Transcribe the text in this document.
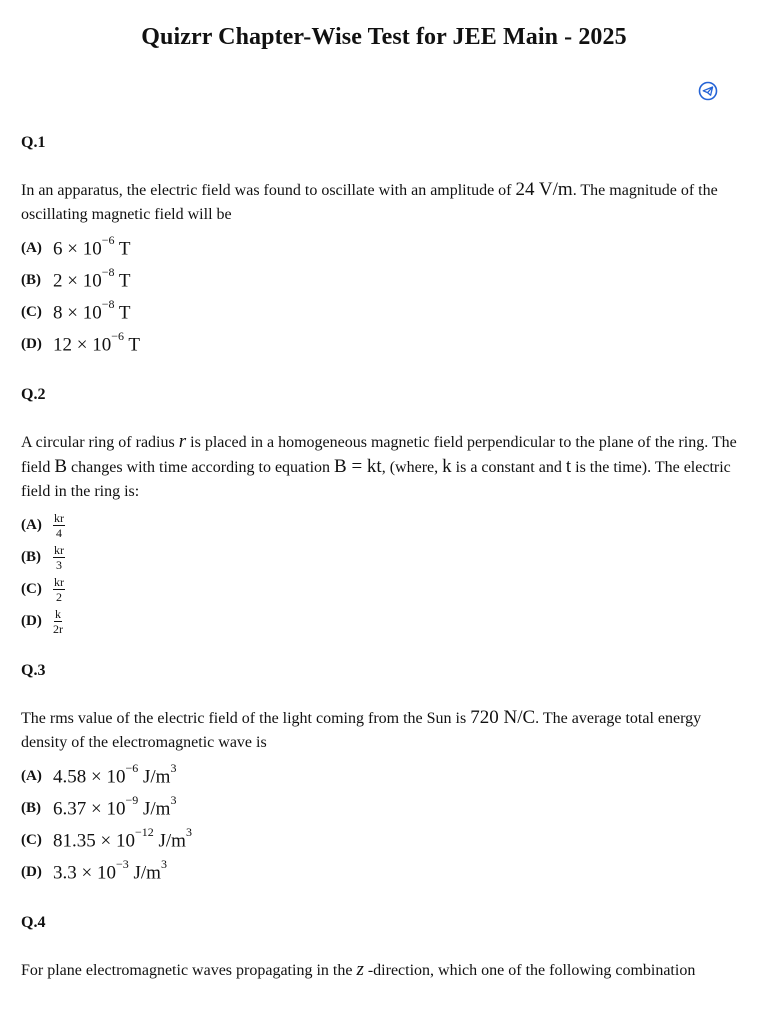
Quizrr Chapter-Wise Test for JEE Main - 2025
Q.1
In an apparatus, the electric field was found to oscillate with an amplitude of 24 V/m. The magnitude of the oscillating magnetic field will be
(A) $6 \times 10^{-6}$ T
(B) $2 \times 10^{-8}$ T
(C) $8 \times 10^{-8}$ T
(D) $12 \times 10^{-6}$ T
Q.2
A circular ring of radius r is placed in a homogeneous magnetic field perpendicular to the plane of the ring. The field B changes with time according to equation B = kt, (where, k is a constant and t is the time). The electric field in the ring is:
$(A) \frac{kr}{4}$
(B)	$\frac{kr}{3}$
$(C) \frac{kr}{2}$
$(D) \frac{k}{2r}$
Q.3
The rms value of the electric field of the light coming from the Sun is 720 N/C. The average total energy density of the electromagnetic wave is
(A) $4.58 \times 10^{-6}$ $J/m^3$
(B) $6.37 \times 10^{-9}$ $J/m^3$
(C) $81.35 \times 10^{-12}$ $J/m^3$
(D) $3.3 \times 10^{-3}$ $J/m^3$
Q.4
For plane electromagnetic waves propagating in the z -direction, which one of the following combination
